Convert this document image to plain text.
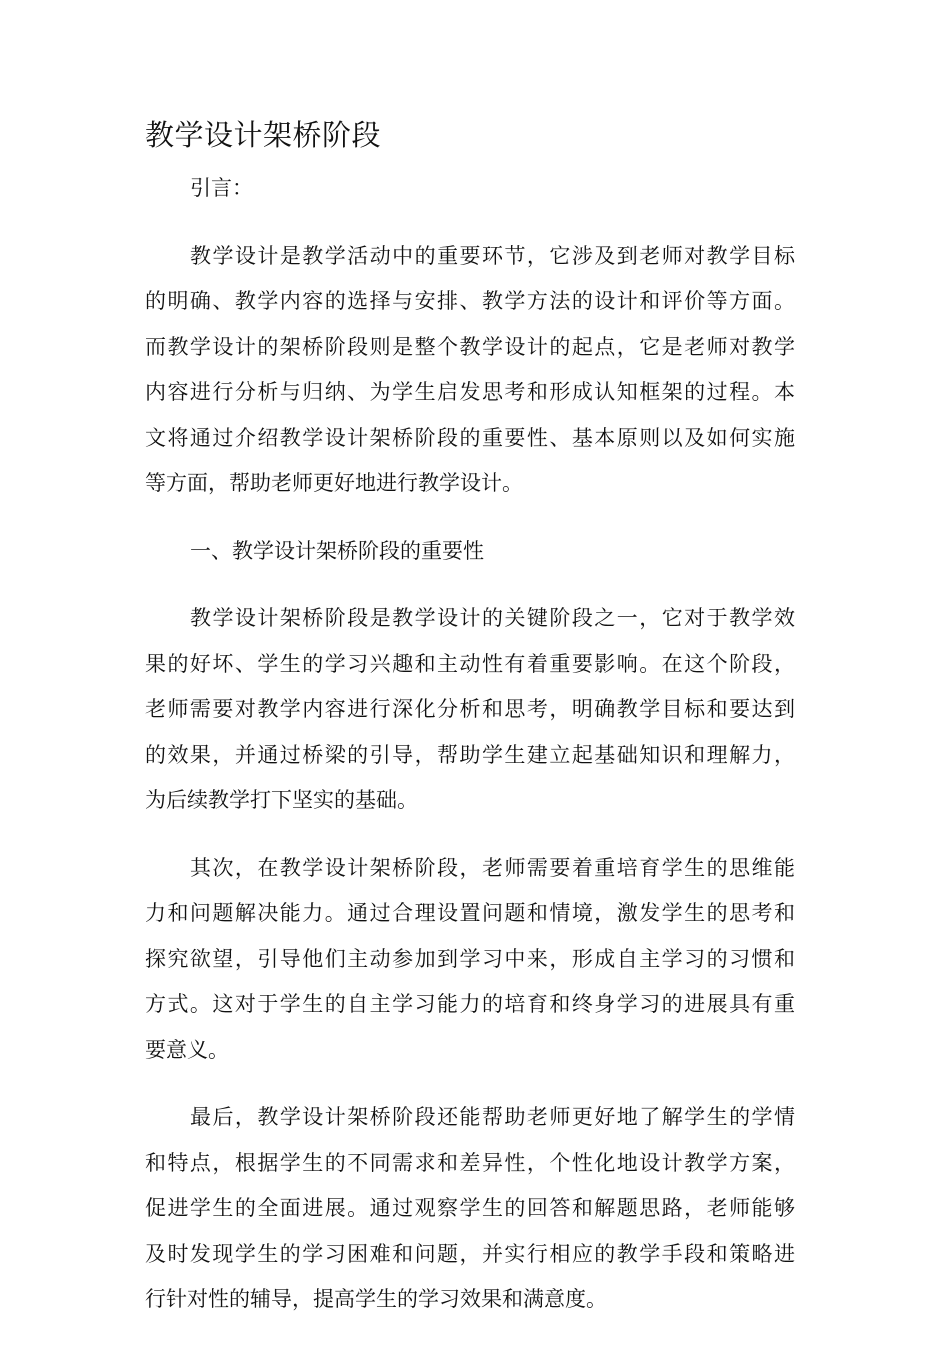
教学设计架桥阶段

引言：

教学设计是教学活动中的重要环节，它涉及到老师对教学目标
的明确、教学内容的选择与安排、教学方法的设计和评价等方面。
而教学设计的架桥阶段则是整个教学设计的起点，它是老师对教学
内容进行分析与归纳、为学生启发思考和形成认知框架的过程。本
文将通过介绍教学设计架桥阶段的重要性、基本原则以及如何实施
等方面，帮助老师更好地进行教学设计。

一、教学设计架桥阶段的重要性

教学设计架桥阶段是教学设计的关键阶段之一，它对于教学效
果的好坏、学生的学习兴趣和主动性有着重要影响。在这个阶段，
老师需要对教学内容进行深化分析和思考，明确教学目标和要达到
的效果，并通过桥梁的引导，帮助学生建立起基础知识和理解力，
为后续教学打下坚实的基础。

其次，在教学设计架桥阶段，老师需要着重培育学生的思维能
力和问题解决能力。通过合理设置问题和情境，激发学生的思考和
探究欲望，引导他们主动参加到学习中来，形成自主学习的习惯和
方式。这对于学生的自主学习能力的培育和终身学习的进展具有重
要意义。

最后，教学设计架桥阶段还能帮助老师更好地了解学生的学情
和特点，根据学生的不同需求和差异性，个性化地设计教学方案，
促进学生的全面进展。通过观察学生的回答和解题思路，老师能够
及时发现学生的学习困难和问题，并实行相应的教学手段和策略进
行针对性的辅导，提高学生的学习效果和满意度。
